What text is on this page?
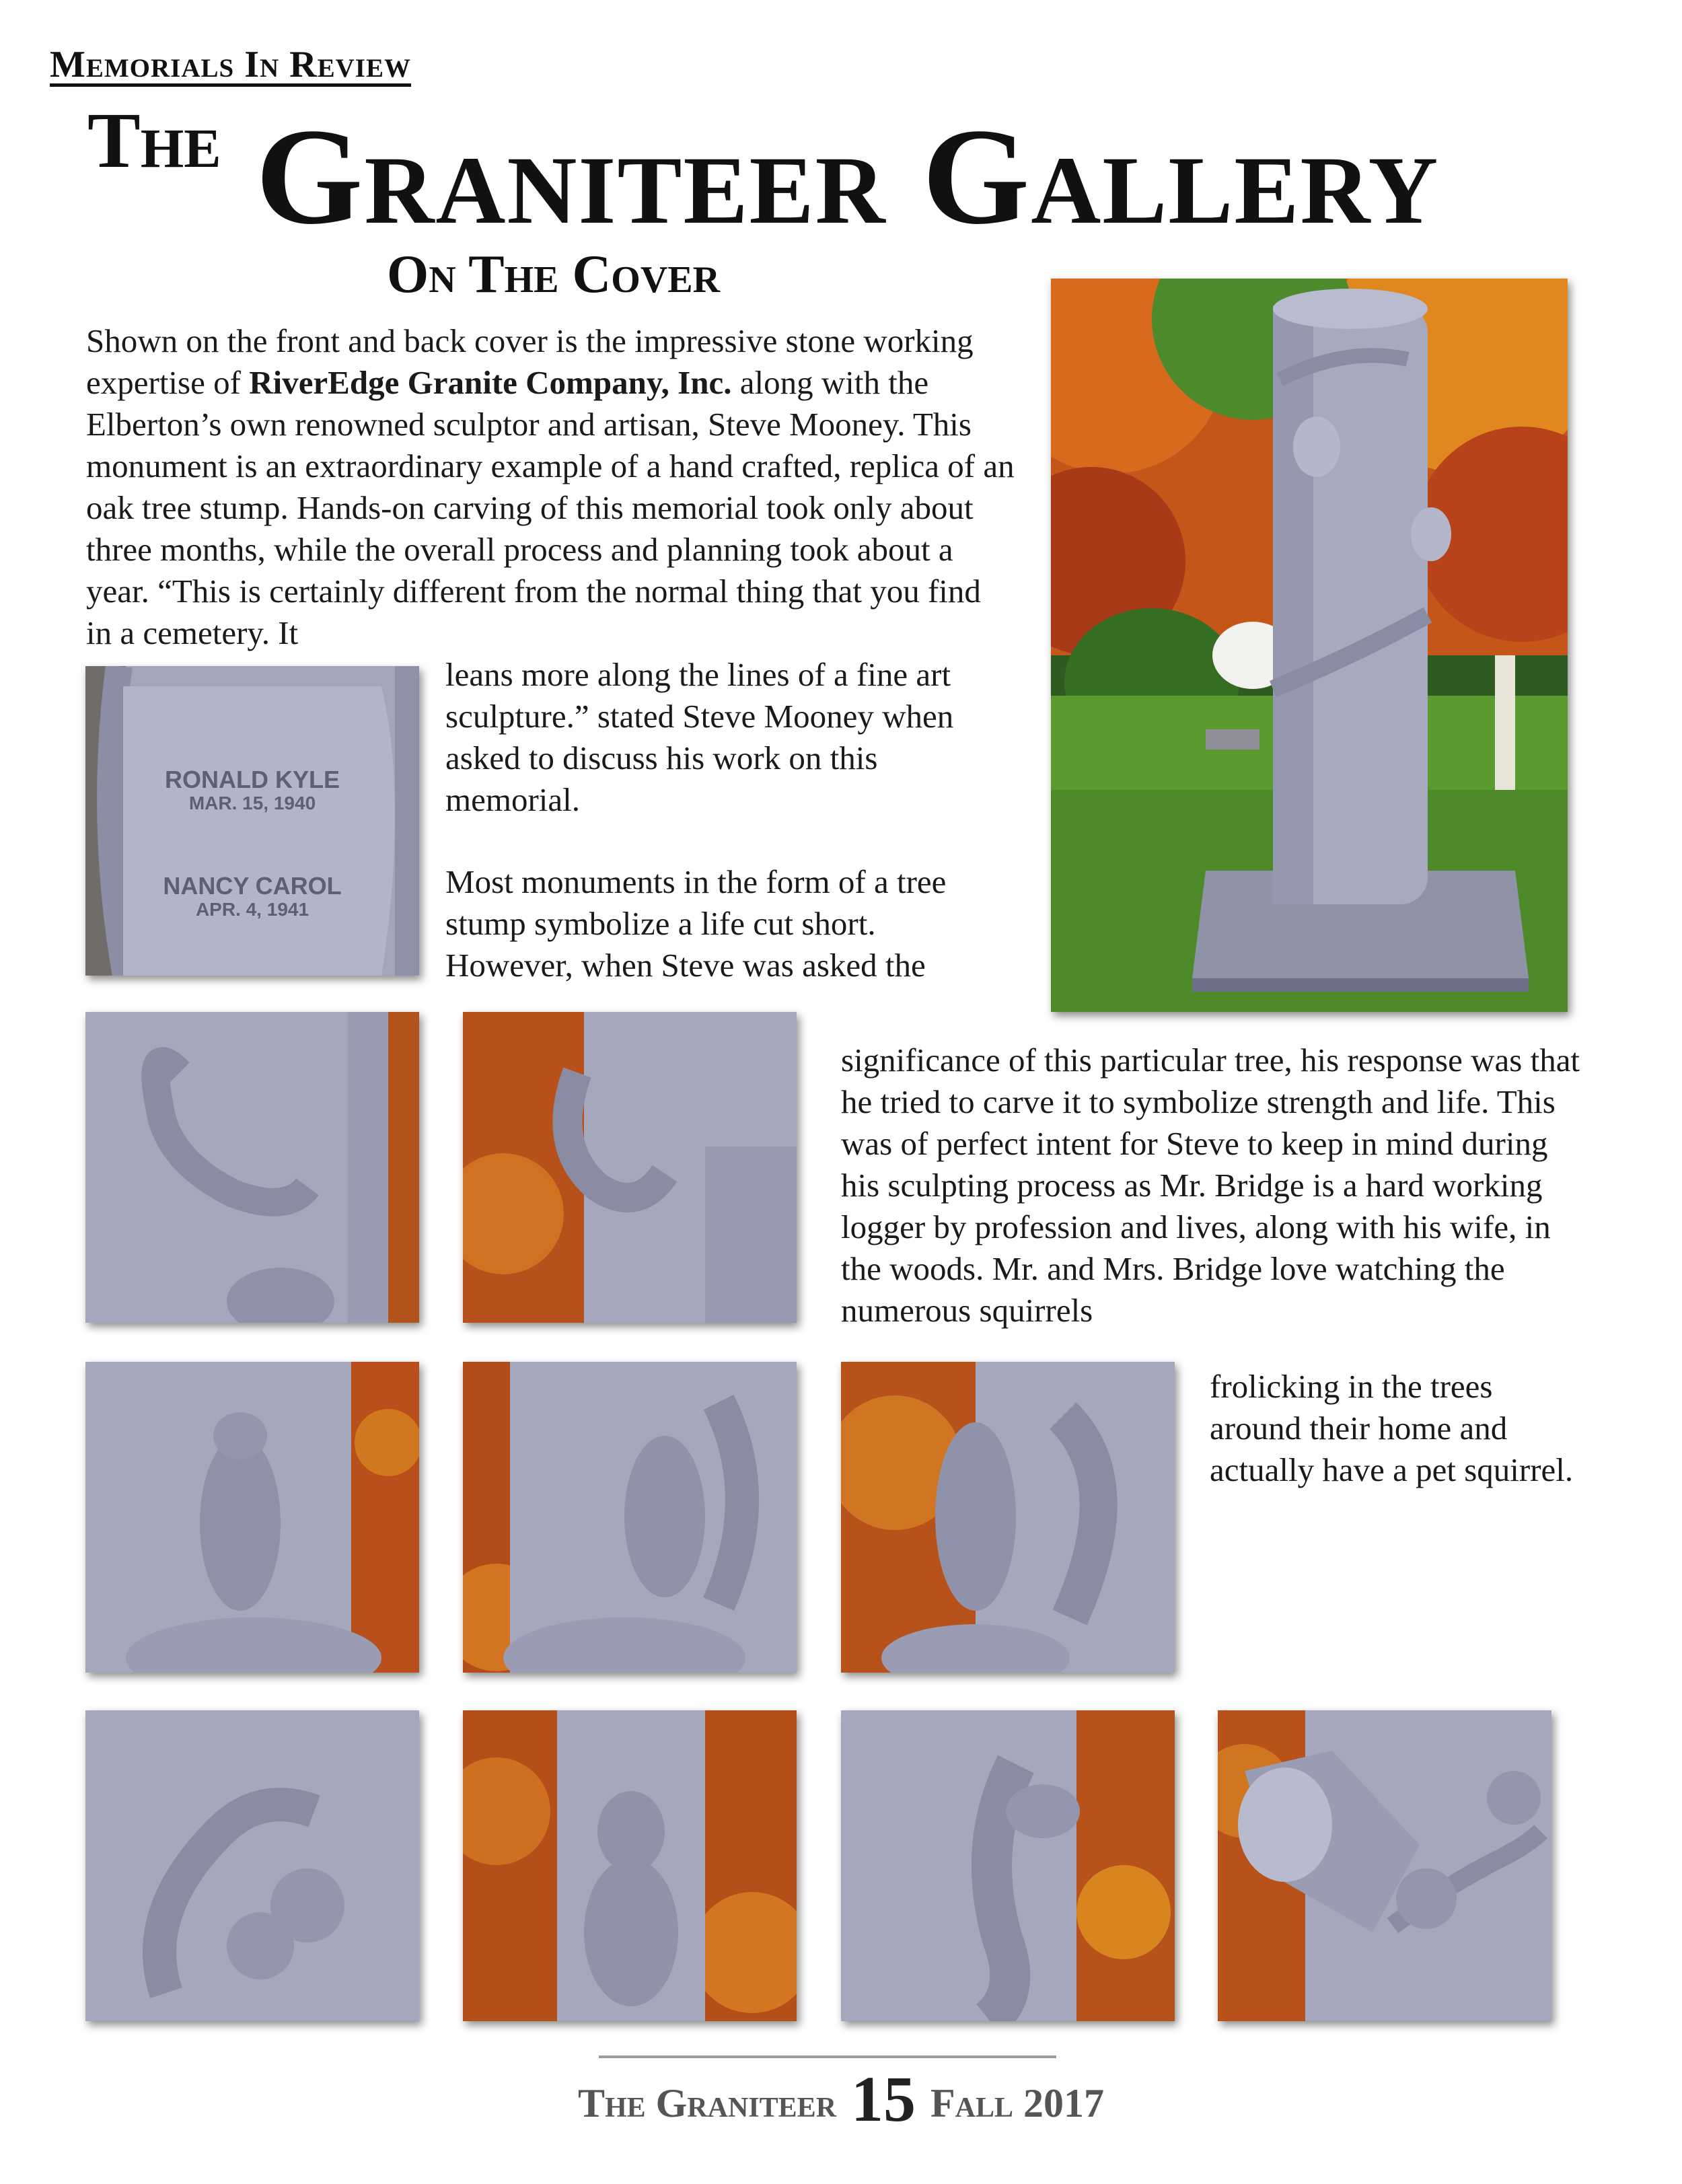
Memorials In Review
The Graniteer Gallery
On The Cover
Shown on the front and back cover is the impressive stone working expertise of RiverEdge Granite Company, Inc. along with the Elberton’s own renowned sculptor and artisan, Steve Mooney. This monument is an extraordinary example of a hand crafted, replica of an oak tree stump. Hands-on carving of this memorial took only about three months, while the overall process and planning took about a year. “This is certainly different from the normal thing that you find in a cemetery. It
leans more along the lines of a fine art sculpture.” stated Steve Mooney when asked to discuss his work on this memorial.
Most monuments in the form of a tree stump symbolize a life cut short. However, when Steve was asked the
significance of this particular tree, his response was that he tried to carve it to symbolize strength and life. This was of perfect intent for Steve to keep in mind during his sculpting process as Mr. Bridge is a hard working logger by profession and lives, along with his wife, in the woods. Mr. and Mrs. Bridge love watching the numerous squirrels
frolicking in the trees around their home and actually have a pet squirrel.
RONALD KYLE
MAR. 15, 1940
NANCY CAROL
APR. 4, 1941
The Graniteer 15 Fall 2017
